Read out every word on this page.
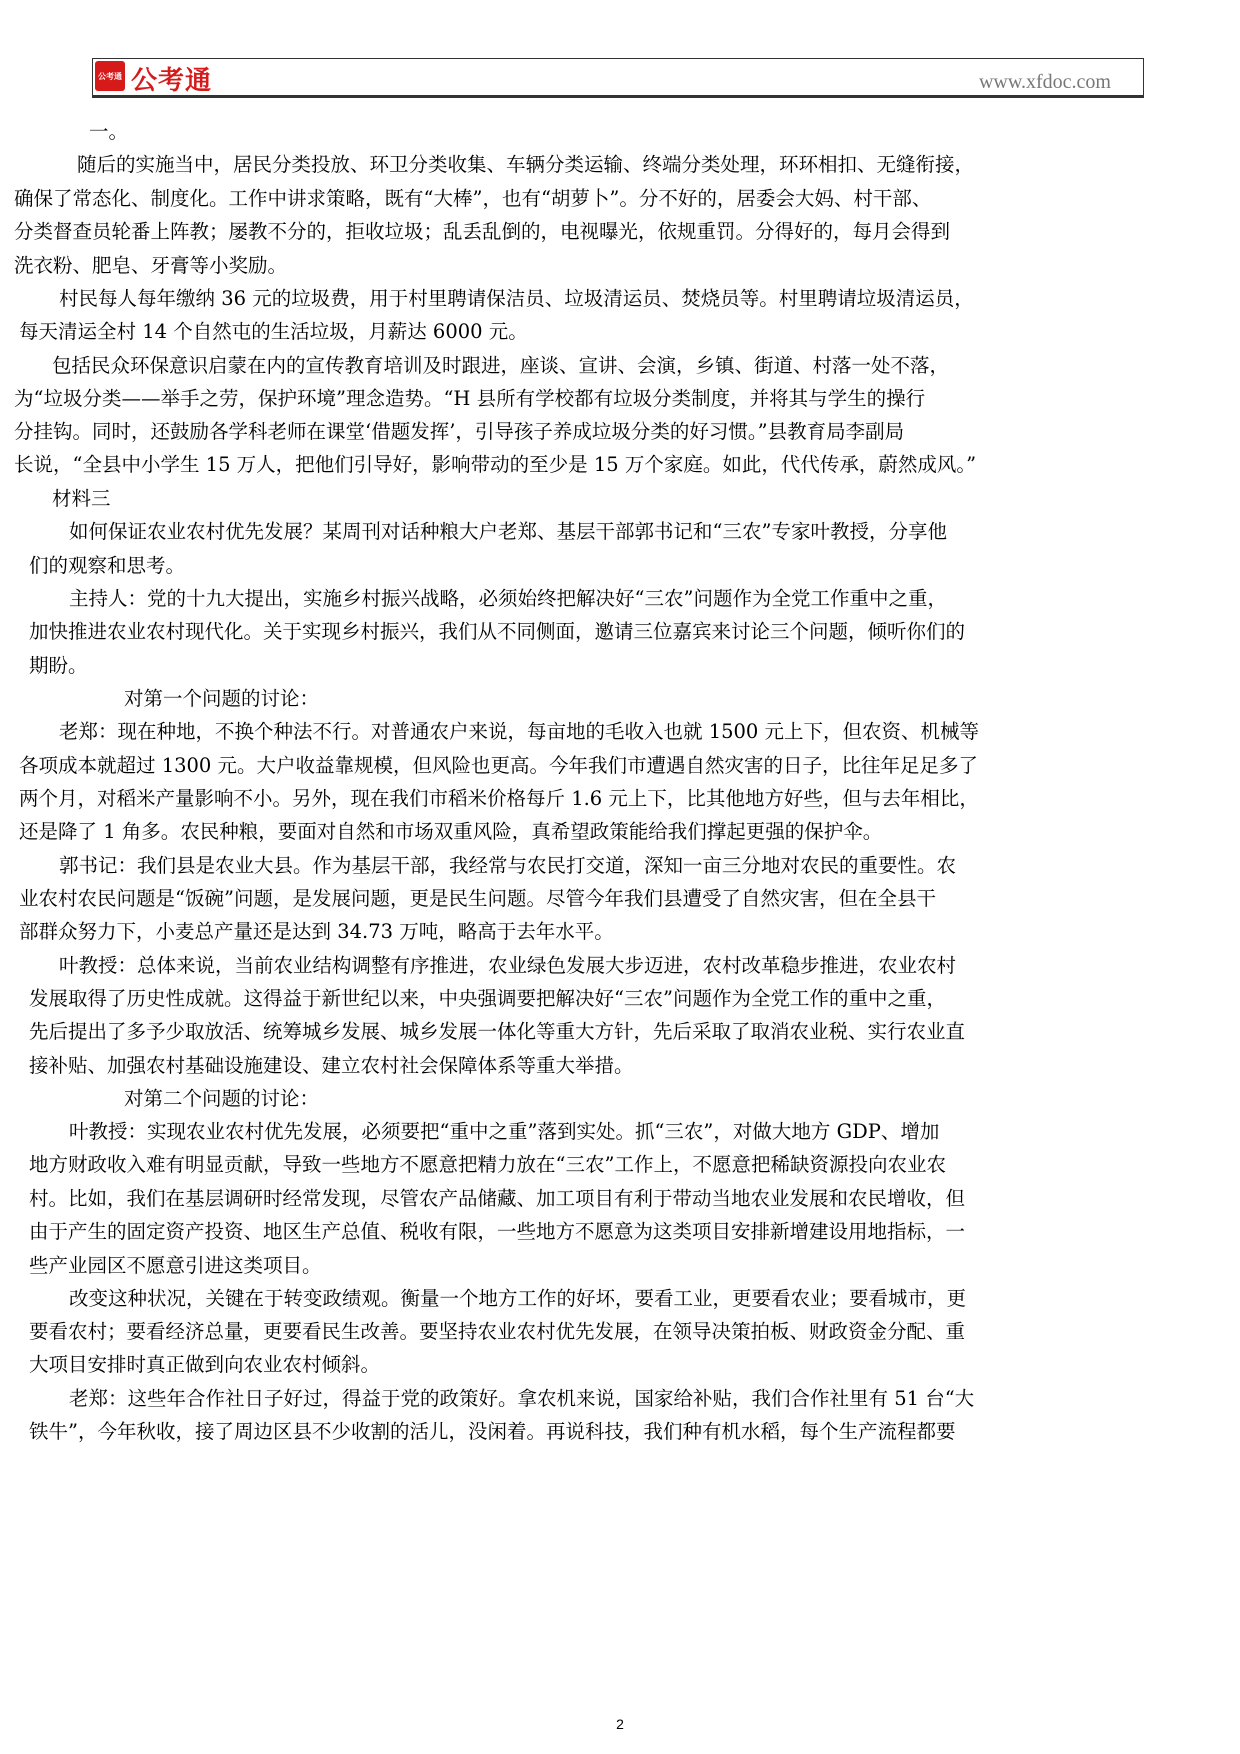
公考通 公考通	www.xfdoc.com
一。
随后的实施当中，居民分类投放、环卫分类收集、车辆分类运输、终端分类处理，环环相扣、无缝衔接，
确保了常态化、制度化。工作中讲求策略，既有“大棒”，也有“胡萝卜”。分不好的，居委会大妈、村干部、
分类督查员轮番上阵教；屡教不分的，拒收垃圾；乱丢乱倒的，电视曝光，依规重罚。分得好的，每月会得到
洗衣粉、肥皂、牙膏等小奖励。
村民每人每年缴纳 36 元的垃圾费，用于村里聘请保洁员、垃圾清运员、焚烧员等。村里聘请垃圾清运员，
每天清运全村 14 个自然屯的生活垃圾，月薪达 6000 元。
包括民众环保意识启蒙在内的宣传教育培训及时跟进，座谈、宣讲、会演，乡镇、街道、村落一处不落，
为“垃圾分类——举手之劳，保护环境”理念造势。“H 县所有学校都有垃圾分类制度，并将其与学生的操行
分挂钩。同时，还鼓励各学科老师在课堂‘借题发挥’，引导孩子养成垃圾分类的好习惯。”县教育局李副局
长说，“全县中小学生 15 万人，把他们引导好，影响带动的至少是 15 万个家庭。如此，代代传承，蔚然成风。”
材料三
如何保证农业农村优先发展？某周刊对话种粮大户老郑、基层干部郭书记和“三农”专家叶教授，分享他
们的观察和思考。
主持人：党的十九大提出，实施乡村振兴战略，必须始终把解决好“三农”问题作为全党工作重中之重，
加快推进农业农村现代化。关于实现乡村振兴，我们从不同侧面，邀请三位嘉宾来讨论三个问题，倾听你们的
期盼。
对第一个问题的讨论：
老郑：现在种地，不换个种法不行。对普通农户来说，每亩地的毛收入也就 1500 元上下，但农资、机械等
各项成本就超过 1300 元。大户收益靠规模，但风险也更高。今年我们市遭遇自然灾害的日子，比往年足足多了
两个月，对稻米产量影响不小。另外，现在我们市稻米价格每斤 1.6 元上下，比其他地方好些，但与去年相比，
还是降了 1 角多。农民种粮，要面对自然和市场双重风险，真希望政策能给我们撑起更强的保护伞。
郭书记：我们县是农业大县。作为基层干部，我经常与农民打交道，深知一亩三分地对农民的重要性。农
业农村农民问题是“饭碗”问题，是发展问题，更是民生问题。尽管今年我们县遭受了自然灾害，但在全县干
部群众努力下，小麦总产量还是达到 34.73 万吨，略高于去年水平。
叶教授：总体来说，当前农业结构调整有序推进，农业绿色发展大步迈进，农村改革稳步推进，农业农村
发展取得了历史性成就。这得益于新世纪以来，中央强调要把解决好“三农”问题作为全党工作的重中之重，
先后提出了多予少取放活、统筹城乡发展、城乡发展一体化等重大方针，先后采取了取消农业税、实行农业直
接补贴、加强农村基础设施建设、建立农村社会保障体系等重大举措。
对第二个问题的讨论：
叶教授：实现农业农村优先发展，必须要把“重中之重”落到实处。抓“三农”，对做大地方 GDP、增加
地方财政收入难有明显贡献，导致一些地方不愿意把精力放在“三农”工作上，不愿意把稀缺资源投向农业农
村。比如，我们在基层调研时经常发现，尽管农产品储藏、加工项目有利于带动当地农业发展和农民增收，但
由于产生的固定资产投资、地区生产总值、税收有限，一些地方不愿意为这类项目安排新增建设用地指标，一
些产业园区不愿意引进这类项目。
改变这种状况，关键在于转变政绩观。衡量一个地方工作的好坏，要看工业，更要看农业；要看城市，更
要看农村；要看经济总量，更要看民生改善。要坚持农业农村优先发展，在领导决策拍板、财政资金分配、重
大项目安排时真正做到向农业农村倾斜。
老郑：这些年合作社日子好过，得益于党的政策好。拿农机来说，国家给补贴，我们合作社里有 51 台“大
铁牛”，今年秋收，接了周边区县不少收割的活儿，没闲着。再说科技，我们种有机水稻，每个生产流程都要
2
